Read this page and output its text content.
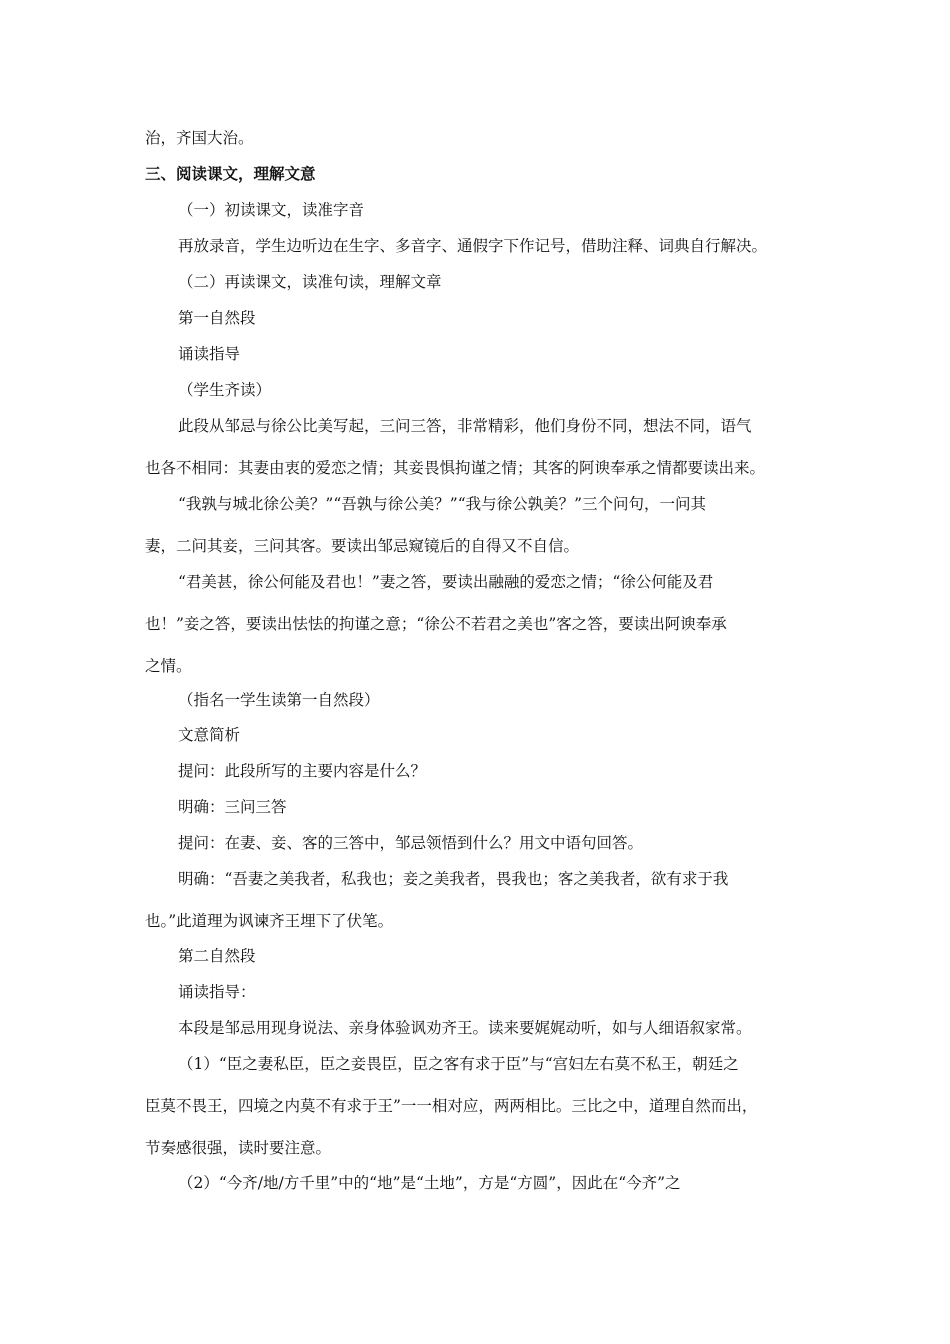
治，齐国大治。
三、阅读课文，理解文意
（一）初读课文，读准字音
再放录音，学生边听边在生字、多音字、通假字下作记号，借助注释、词典自行解决。
（二）再读课文，读准句读，理解文章
第一自然段
诵读指导
（学生齐读）
此段从邹忌与徐公比美写起，三问三答，非常精彩，他们身份不同，想法不同，语气
也各不相同：其妻由衷的爱恋之情；其妾畏惧拘谨之情；其客的阿谀奉承之情都要读出来。
“我孰与城北徐公美？”“吾孰与徐公美？”“我与徐公孰美？”三个问句，一问其
妻，二问其妾，三问其客。要读出邹忌窥镜后的自得又不自信。
“君美甚，徐公何能及君也！”妻之答，要读出融融的爱恋之情；“徐公何能及君
也！”妾之答，要读出怯怯的拘谨之意；“徐公不若君之美也”客之答，要读出阿谀奉承
之情。
（指名一学生读第一自然段）
文意简析
提问：此段所写的主要内容是什么？
明确：三问三答
提问：在妻、妾、客的三答中，邹忌领悟到什么？用文中语句回答。
明确：“吾妻之美我者，私我也；妾之美我者，畏我也；客之美我者，欲有求于我
也。”此道理为讽谏齐王埋下了伏笔。
第二自然段
诵读指导：
本段是邹忌用现身说法、亲身体验讽劝齐王。读来要娓娓动听，如与人细语叙家常。
（1）“臣之妻私臣，臣之妾畏臣，臣之客有求于臣”与“宫妇左右莫不私王，朝廷之
臣莫不畏王，四境之内莫不有求于王”一一相对应，两两相比。三比之中，道理自然而出，
节奏感很强，读时要注意。
（2）“今齐/地/方千里”中的“地”是“土地”，方是“方圆”，因此在“今齐”之
